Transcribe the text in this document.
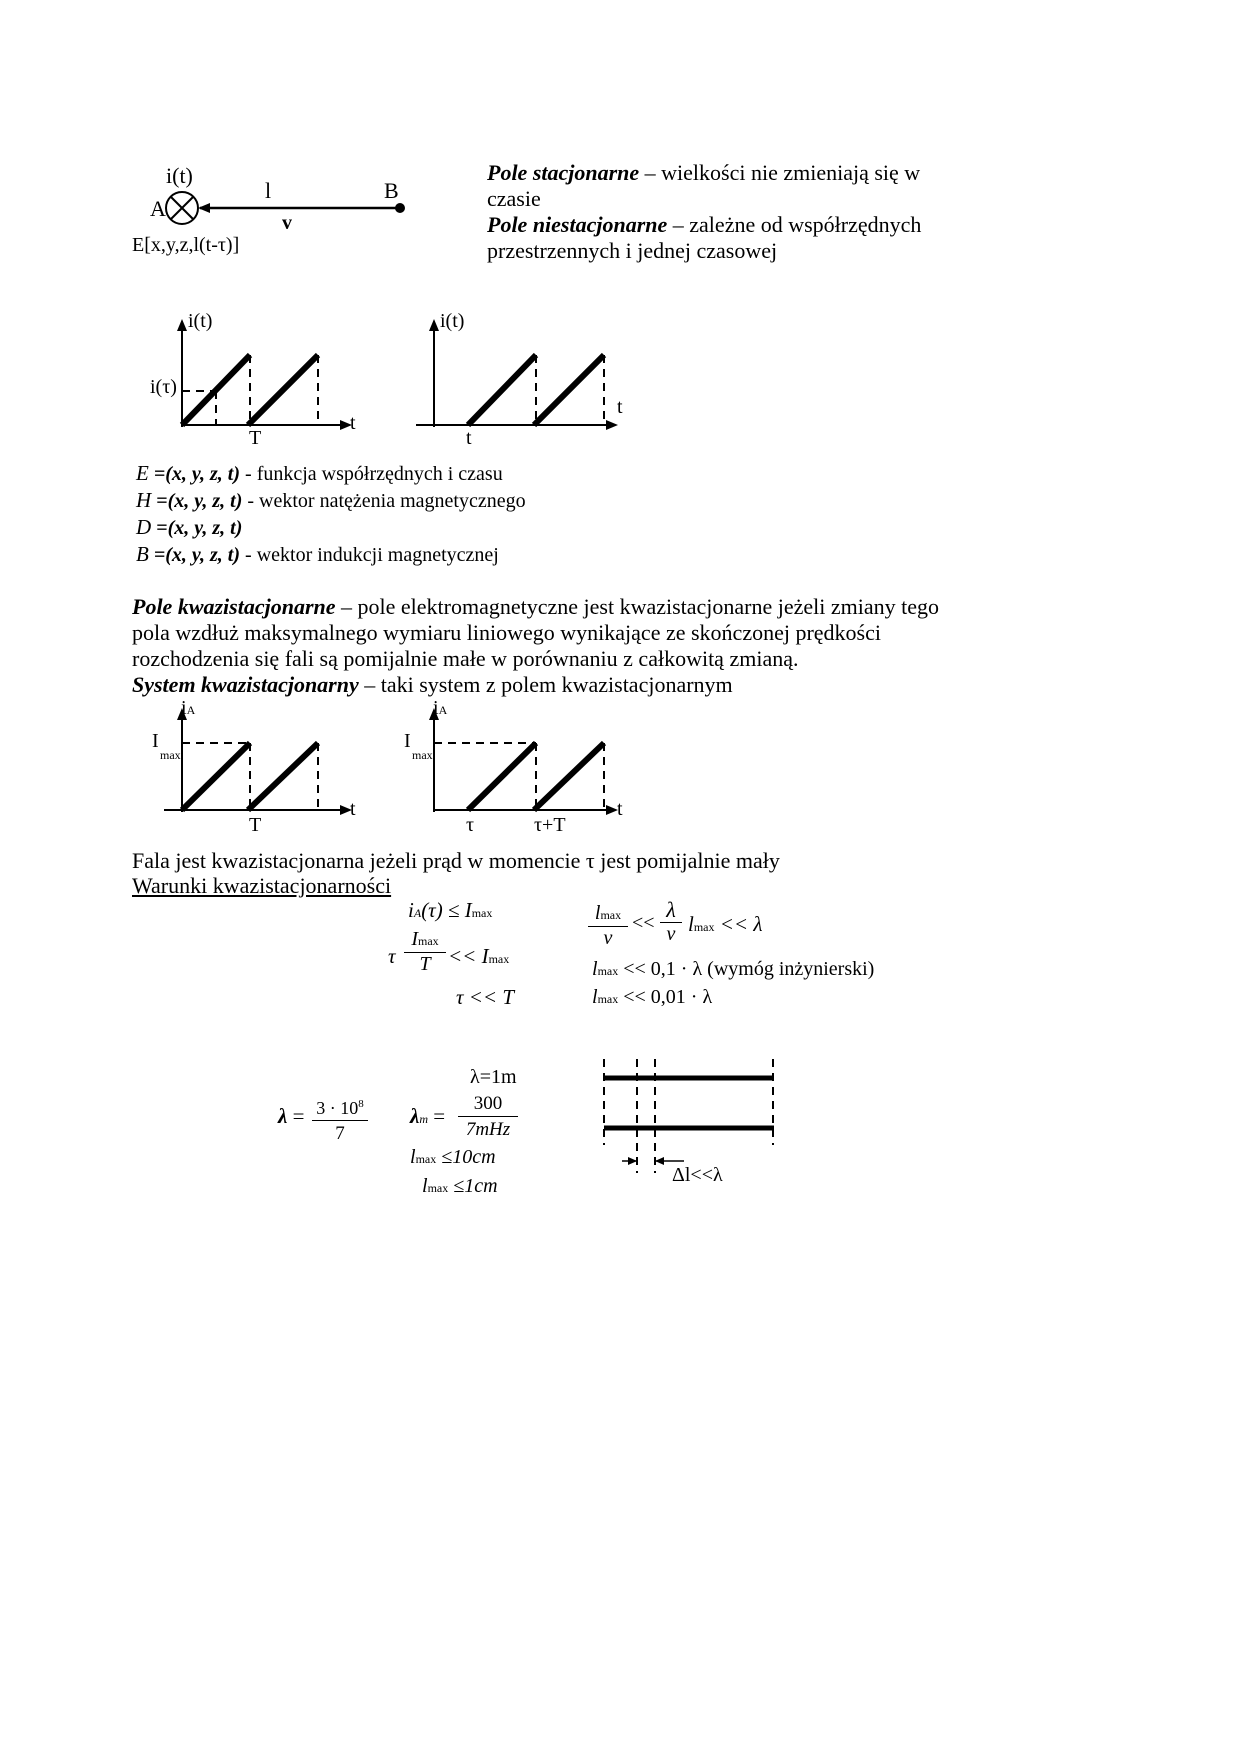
i(t)
A
l	B
v
E[x,y,z,l(t-τ)]
Pole stacjonarne – wielkości nie zmieniają się w
czasie
Pole niestacjonarne – zależne od współrzędnych
przestrzennych i jednej czasowej
i(t)
i(τ)
t
T
i(t)
t
t
E =(x, y, z, t) - funkcja współrzędnych i czasu
H =(x, y, z, t) - wektor natężenia magnetycznego
D =(x, y, z, t)
B =(x, y, z, t) - wektor indukcji magnetycznej
Pole kwazistacjonarne – pole elektromagnetyczne jest kwazistacjonarne jeżeli zmiany tego
pola wzdłuż maksymalnego wymiaru liniowego wynikające ze skończonej prędkości
rozchodzenia się fali są pomijalnie małe w porównaniu z całkowitą zmianą.
System kwazistacjonarny – taki system z polem kwazistacjonarnym
iA
I
max
t
T
iA
I
max
t
τ	τ+T
Fala jest kwazistacjonarna jeżeli prąd w momencie τ jest pomijalnie mały
Warunki kwazistacjonarności
iA(τ) ≤ Imax
τ
Imax
T << Imax
τ << T
lmax
v
<< $\frac{\lambda}{v}$ lmax << λ
lmax << 0,1 · λ (wymóg inżynierski)
lmax << 0,01 · λ
$\lambda = \frac{3 \cdot 10^8}{7}$
λ=1m
λm =
300
7mHz
lmax ≤10cm
lmax ≤1cm	Δl<<λ
